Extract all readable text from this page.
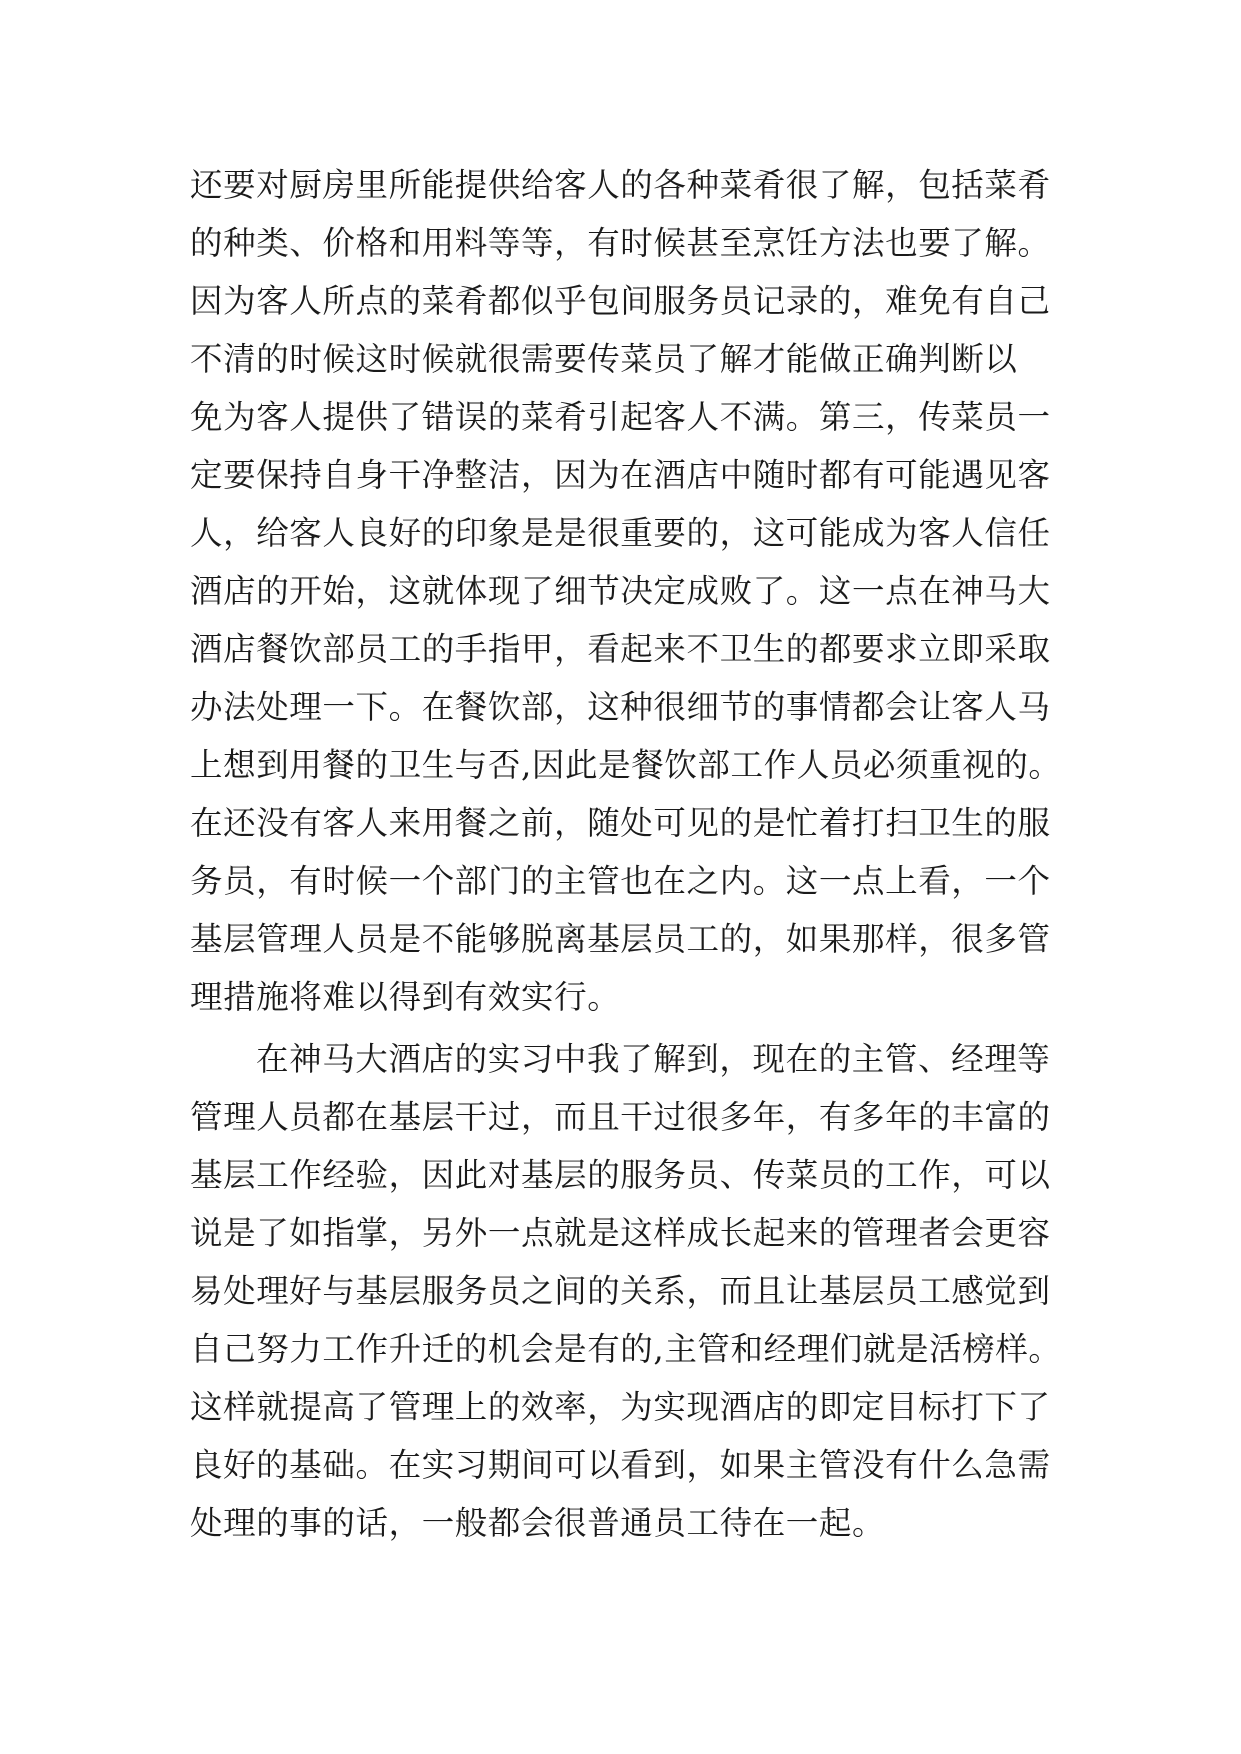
还要对厨房里所能提供给客人的各种菜肴很了解，包括菜肴
的种类、价格和用料等等，有时候甚至烹饪方法也要了解。
因为客人所点的菜肴都似乎包间服务员记录的，难免有自己
不清的时候这时候就很需要传菜员了解才能做正确判断以
免为客人提供了错误的菜肴引起客人不满。第三，传菜员一
定要保持自身干净整洁，因为在酒店中随时都有可能遇见客
人，给客人良好的印象是是很重要的，这可能成为客人信任
酒店的开始，这就体现了细节决定成败了。这一点在神马大
酒店餐饮部员工的手指甲，看起来不卫生的都要求立即采取
办法处理一下。在餐饮部，这种很细节的事情都会让客人马
上想到用餐的卫生与否,因此是餐饮部工作人员必须重视的。
在还没有客人来用餐之前，随处可见的是忙着打扫卫生的服
务员，有时候一个部门的主管也在之内。这一点上看，一个
基层管理人员是不能够脱离基层员工的，如果那样，很多管
理措施将难以得到有效实行。
在神马大酒店的实习中我了解到，现在的主管、经理等
管理人员都在基层干过，而且干过很多年，有多年的丰富的
基层工作经验，因此对基层的服务员、传菜员的工作，可以
说是了如指掌，另外一点就是这样成长起来的管理者会更容
易处理好与基层服务员之间的关系，而且让基层员工感觉到
自己努力工作升迁的机会是有的,主管和经理们就是活榜样。
这样就提高了管理上的效率，为实现酒店的即定目标打下了
良好的基础。在实习期间可以看到，如果主管没有什么急需
处理的事的话，一般都会很普通员工待在一起。
